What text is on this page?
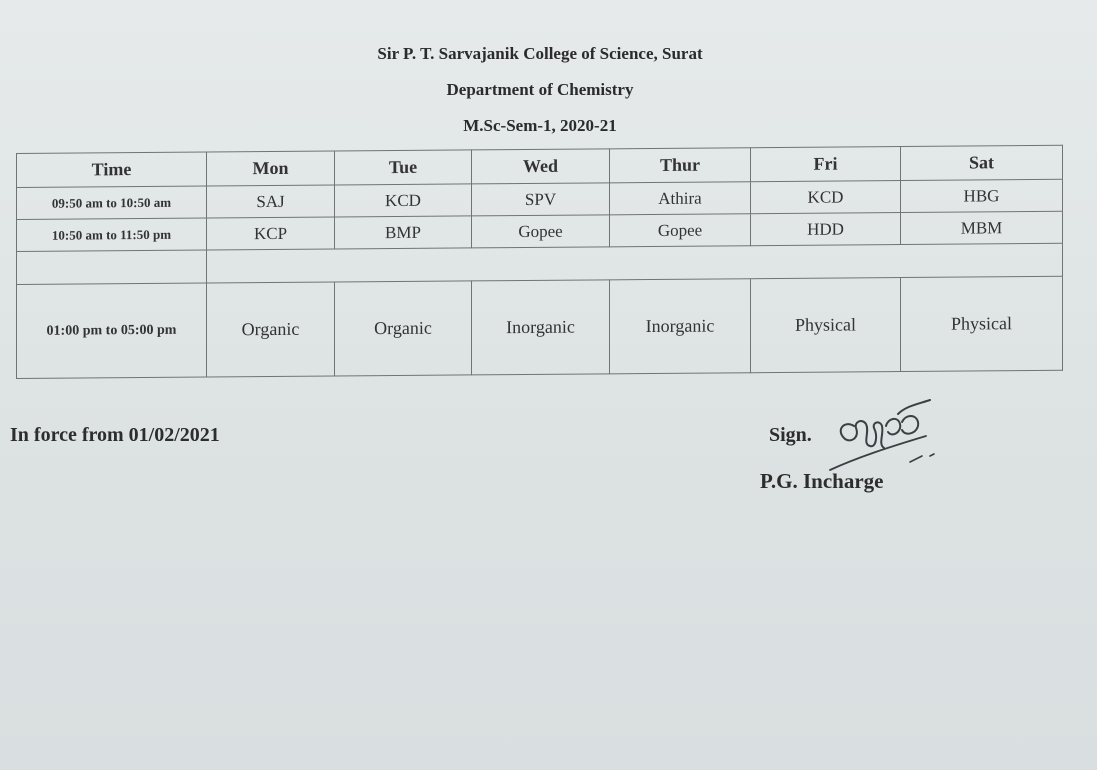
Sir P. T. Sarvajanik College of Science, Surat
Department of Chemistry
M.Sc-Sem-1, 2020-21
Time	Mon	Tue	Wed	Thur	Fri	Sat
09:50 am to 10:50 am	SAJ	KCD	SPV	Athira	KCD	HBG
10:50 am to 11:50 pm	KCP	BMP	Gopee	Gopee	HDD	MBM

01:00 pm to 05:00 pm	Organic	Organic	Inorganic	Inorganic	Physical	Physical
In force from 01/02/2021	Sign.
P.G. Incharge
